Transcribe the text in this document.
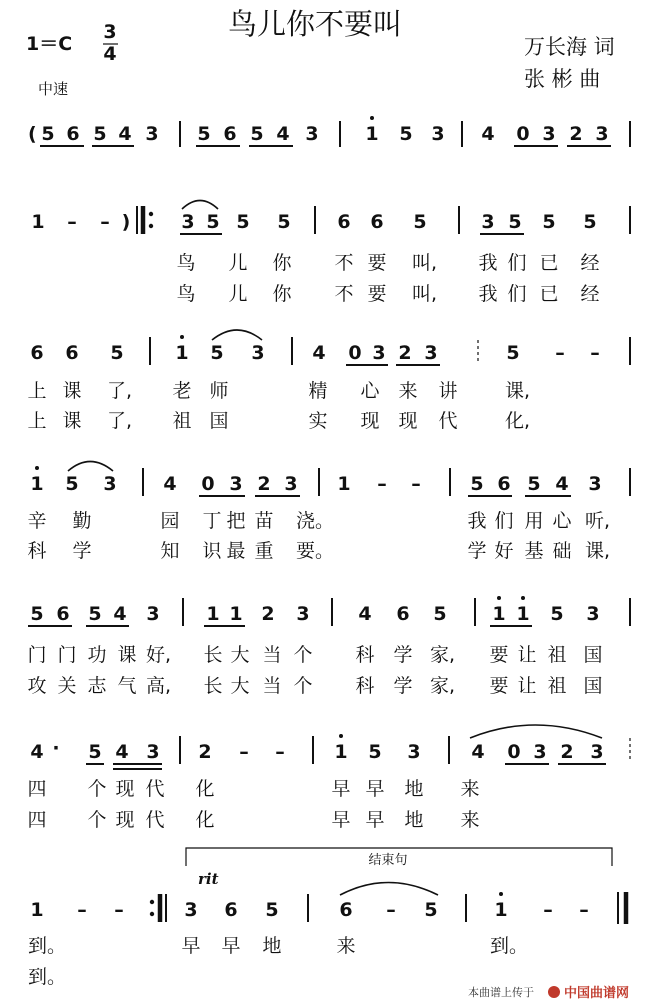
1＝C
3
4
鸟儿你不要叫
万长海 词
张 彬 曲
中速
( 5 6 5 4 3 5 6 5 4 3 1 5 3 4 0 3 2 3
1 – – )	3 5 5 5 6 6 5	3 5 5 5
鸟 儿 你 不 要 叫, 我 们 已 经
鸟 儿 你 不 要 叫, 我 们 已 经
6 6 5	1 5 3	4 0 3 2 3	5 – –
上 课 了, 老 师	精 心 来 讲 课,
上 课 了, 祖 国	实 现 现 代 化,
1 5 3 4 0 3 2 3 1 – –	5 6 5 4 3
辛 勤	园 丁 把 苗 浇。	我 们 用 心 听,
科 学	知 识 最 重 要。	学 好 基 础 课,
5 6 5 4 3 1 1 2 3	4 6 5 1 1 5 3
门 门 功 课 好, 长 大 当 个 科 学 家, 要 让 祖 国
攻 关 志 气 高, 长 大 当 个 科 学 家, 要 让 祖 国
4 · 5 4 3 2 – –	1 5 3	4 0 3 2 3
四 个 现 代 化	早 早 地 来
四 个 现 代 化	早 早 地 来
结束句
rit
1 – –	3 6 5	6 – 5	1 – –
到。	早 早 地	来	到。
到。
本曲谱上传于 中国曲谱网
